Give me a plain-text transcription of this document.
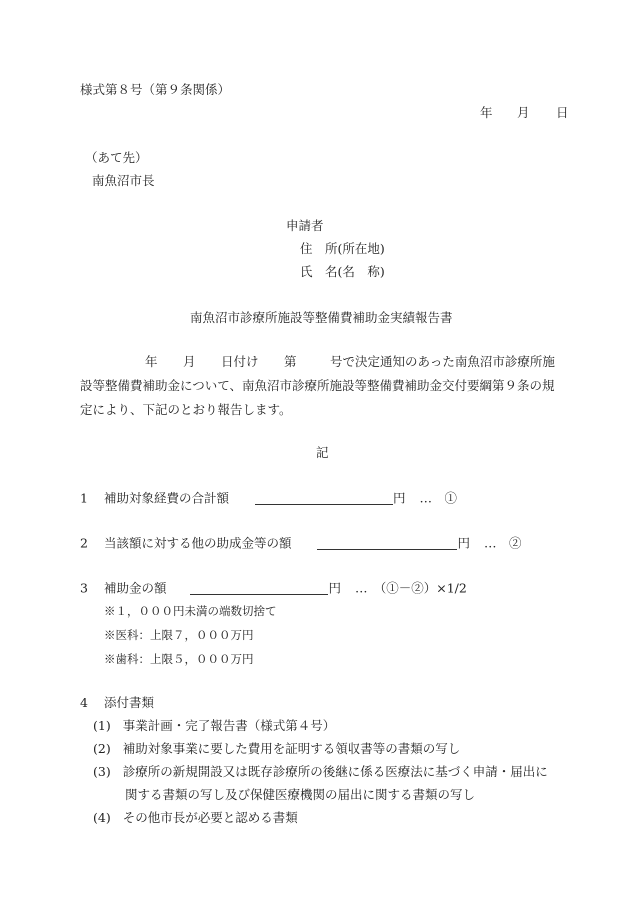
様式第８号（第９条関係）
年 月 日
（あて先）
南魚沼市長
申請者
住　所(所在地)
氏　名(名　称)
南魚沼市診療所施設等整備費補助金実績報告書
年 月 日付け 第	号で決定通知のあった南魚沼市診療所施
設等整備費補助金について、南魚沼市診療所施設等整備費補助金交付要綱第９条の規
定により、下記のとおり報告します。
記
1 補助対象経費の合計額	円 …　①
2 当該額に対する他の助成金等の額	円 …　②
3 補助金の額	円 …　（①－②）×1/2
※１，０００円未満の端数切捨て
※医科：上限７，０００万円
※歯科：上限５，０００万円
4 添付書類
(1) 事業計画・完了報告書（様式第４号）
(2) 補助対象事業に要した費用を証明する領収書等の書類の写し
(3) 診療所の新規開設又は既存診療所の後継に係る医療法に基づく申請・届出に
関する書類の写し及び保健医療機関の届出に関する書類の写し
(4) その他市長が必要と認める書類
